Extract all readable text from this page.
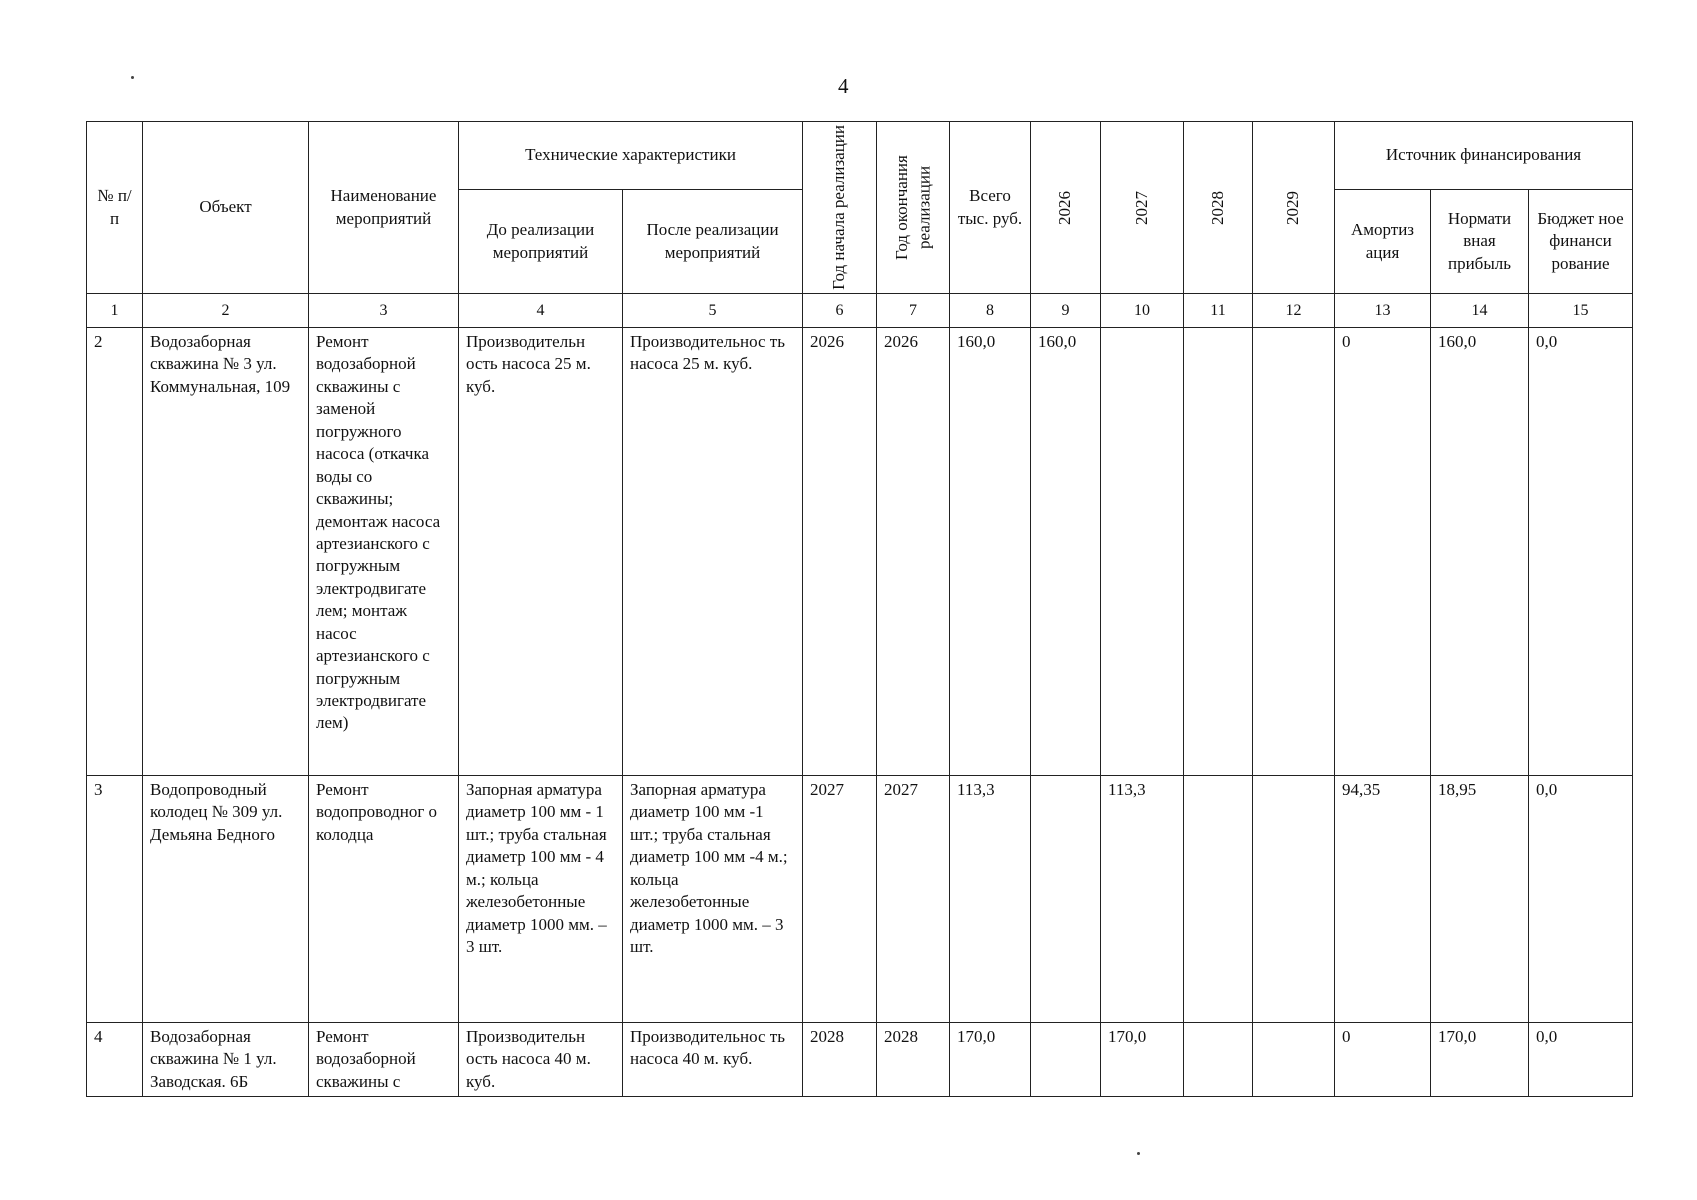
4
№ п/п	Объект	Наименование мероприятий	Технические характеристики		Год начала реализации	Год окончания реализации	Всего тыс. руб.	2026	2027	2028	2029	Источник финансирования		
			До реализации мероприятий	После реализации мероприятий								Амортиз ация	Нормати вная прибыль	Бюджет ное финанси рование
1	2	3	4	5	6	7	8	9	10	11	12	13	14	15
2	Водозаборная скважина № 3 ул. Коммунальная, 109	Ремонт водозаборной скважины с заменой погружного насоса (откачка воды со скважины; демонтаж насоса артезианского с погружным электродвигате лем; монтаж насос артезианского с погружным электродвигате лем)	Производительн ость насоса 25 м. куб.	Производительнос ть насоса 25 м. куб.	2026	2026	160,0	160,0				0	160,0	0,0
3	Водопроводный колодец № 309 ул. Демьяна Бедного	Ремонт водопроводног о колодца	Запорная арматура диаметр 100 мм - 1 шт.; труба стальная диаметр 100 мм - 4 м.; кольца железобетонные диаметр 1000 мм. – 3 шт.	Запорная арматура диаметр 100 мм -1 шт.; труба стальная диаметр 100 мм -4 м.; кольца железобетонные диаметр 1000 мм. – 3 шт.	2027	2027	113,3		113,3			94,35	18,95	0,0
4	Водозаборная скважина № 1 ул. Заводская. 6Б	Ремонт водозаборной скважины с	Производительн ость насоса 40 м. куб.	Производительнос ть насоса 40 м. куб.	2028	2028	170,0		170,0			0	170,0	0,0
